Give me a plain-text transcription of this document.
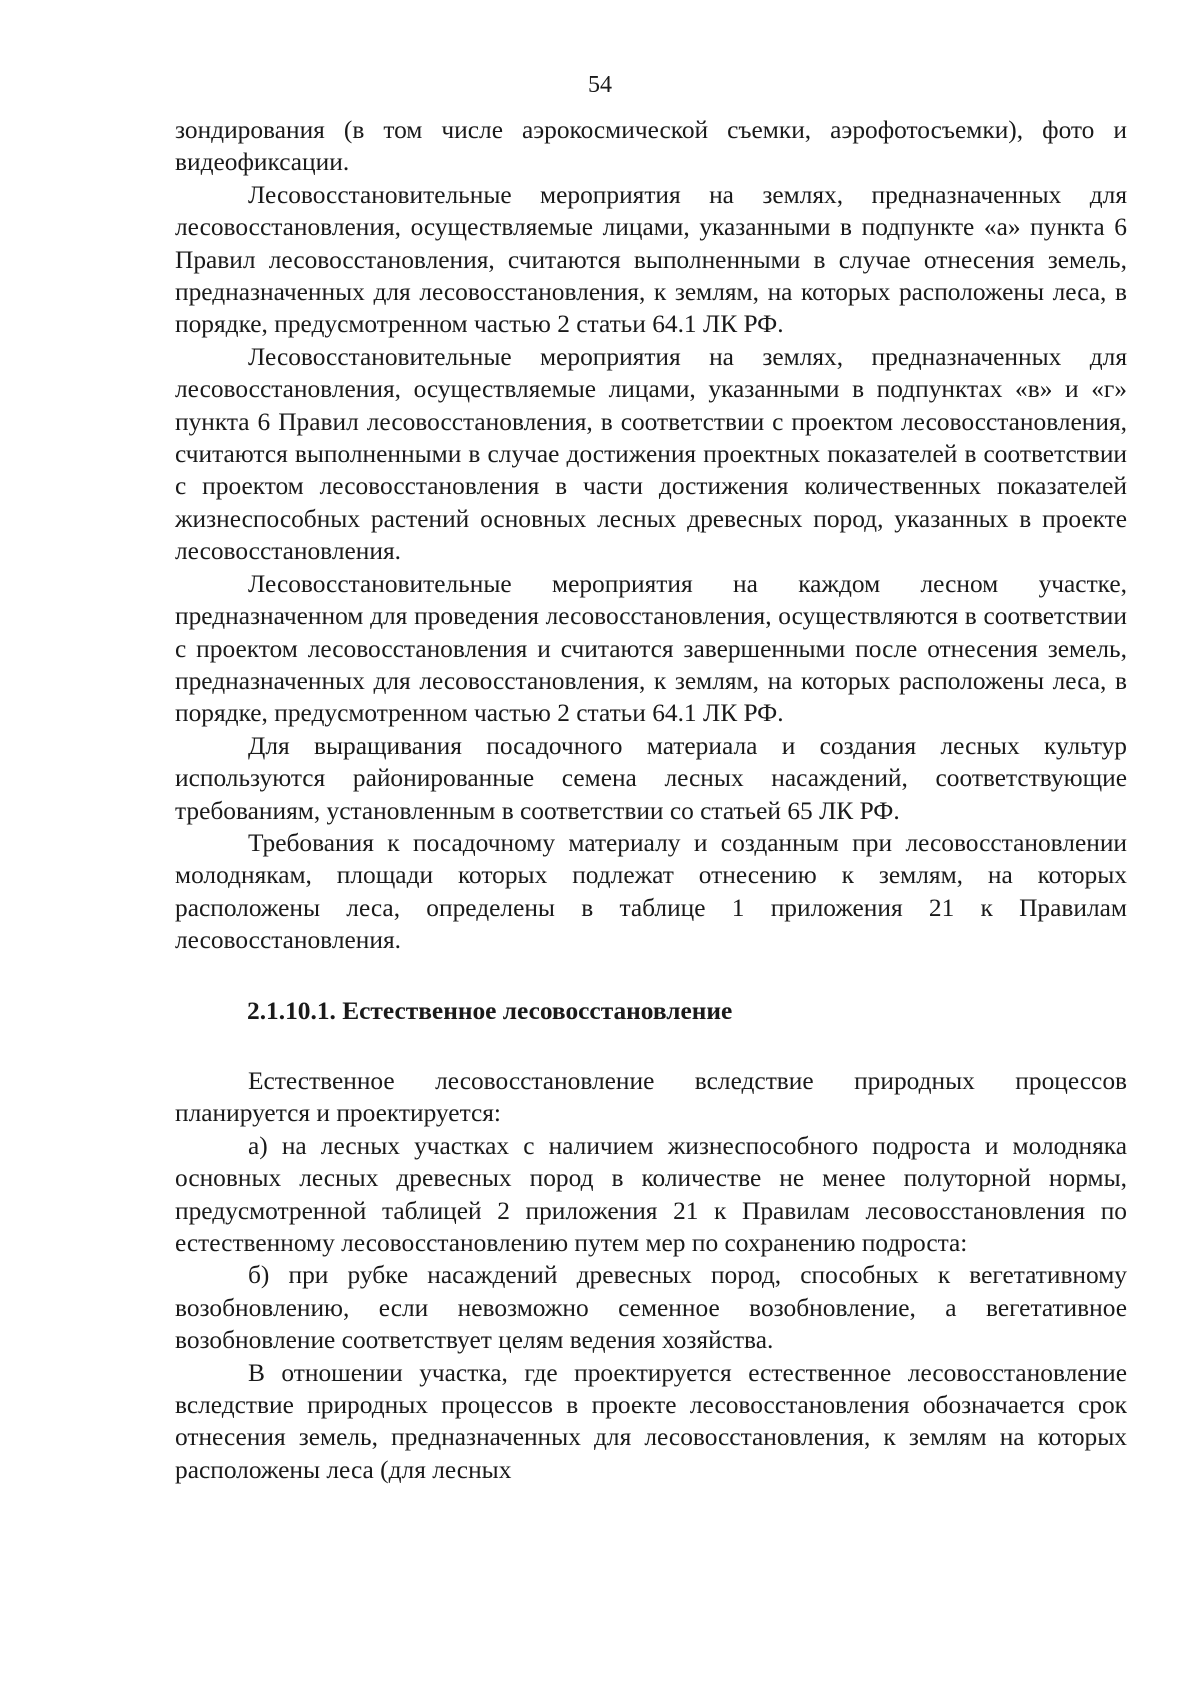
54

зондирования (в том числе аэрокосмической съемки, аэрофотосъемки), фото и видеофиксации.

Лесовосстановительные мероприятия на землях, предназначенных для лесовосстановления, осуществляемые лицами, указанными в подпункте «а» пункта 6 Правил лесовосстановления, считаются выполненными в случае отнесения земель, предназначенных для лесовосстановления, к землям, на которых расположены леса, в порядке, предусмотренном частью 2 статьи 64.1 ЛК РФ.

Лесовосстановительные мероприятия на землях, предназначенных для лесовосстановления, осуществляемые лицами, указанными в подпунктах «в» и «г» пункта 6 Правил лесовосстановления, в соответствии с проектом лесовосстановления, считаются выполненными в случае достижения проектных показателей в соответствии с проектом лесовосстановления в части достижения количественных показателей жизнеспособных растений основных лесных древесных пород, указанных в проекте лесовосстановления.

Лесовосстановительные мероприятия на каждом лесном участке, предназначенном для проведения лесовосстановления, осуществляются в соответствии с проектом лесовосстановления и считаются завершенными после отнесения земель, предназначенных для лесовосстановления, к землям, на которых расположены леса, в порядке, предусмотренном частью 2 статьи 64.1 ЛК РФ.

Для выращивания посадочного материала и создания лесных культур используются районированные семена лесных насаждений, соответствующие требованиям, установленным в соответствии со статьей 65 ЛК РФ.

Требования к посадочному материалу и созданным при лесовосстановлении молоднякам, площади которых подлежат отнесению к землям, на которых расположены леса, определены в таблице 1 приложения 21 к Правилам лесовосстановления.

2.1.10.1. Естественное лесовосстановление

Естественное лесовосстановление вследствие природных процессов планируется и проектируется:

а) на лесных участках с наличием жизнеспособного подроста и молодняка основных лесных древесных пород в количестве не менее полуторной нормы, предусмотренной таблицей 2 приложения 21 к Правилам лесовосстановления по естественному лесовосстановлению путем мер по сохранению подроста:

б) при рубке насаждений древесных пород, способных к вегетативному возобновлению, если невозможно семенное возобновление, а вегетативное возобновление соответствует целям ведения хозяйства.

В отношении участка, где проектируется естественное лесовосстановление вследствие природных процессов в проекте лесовосстановления обозначается срок отнесения земель, предназначенных для лесовосстановления, к землям на которых расположены леса (для лесных
